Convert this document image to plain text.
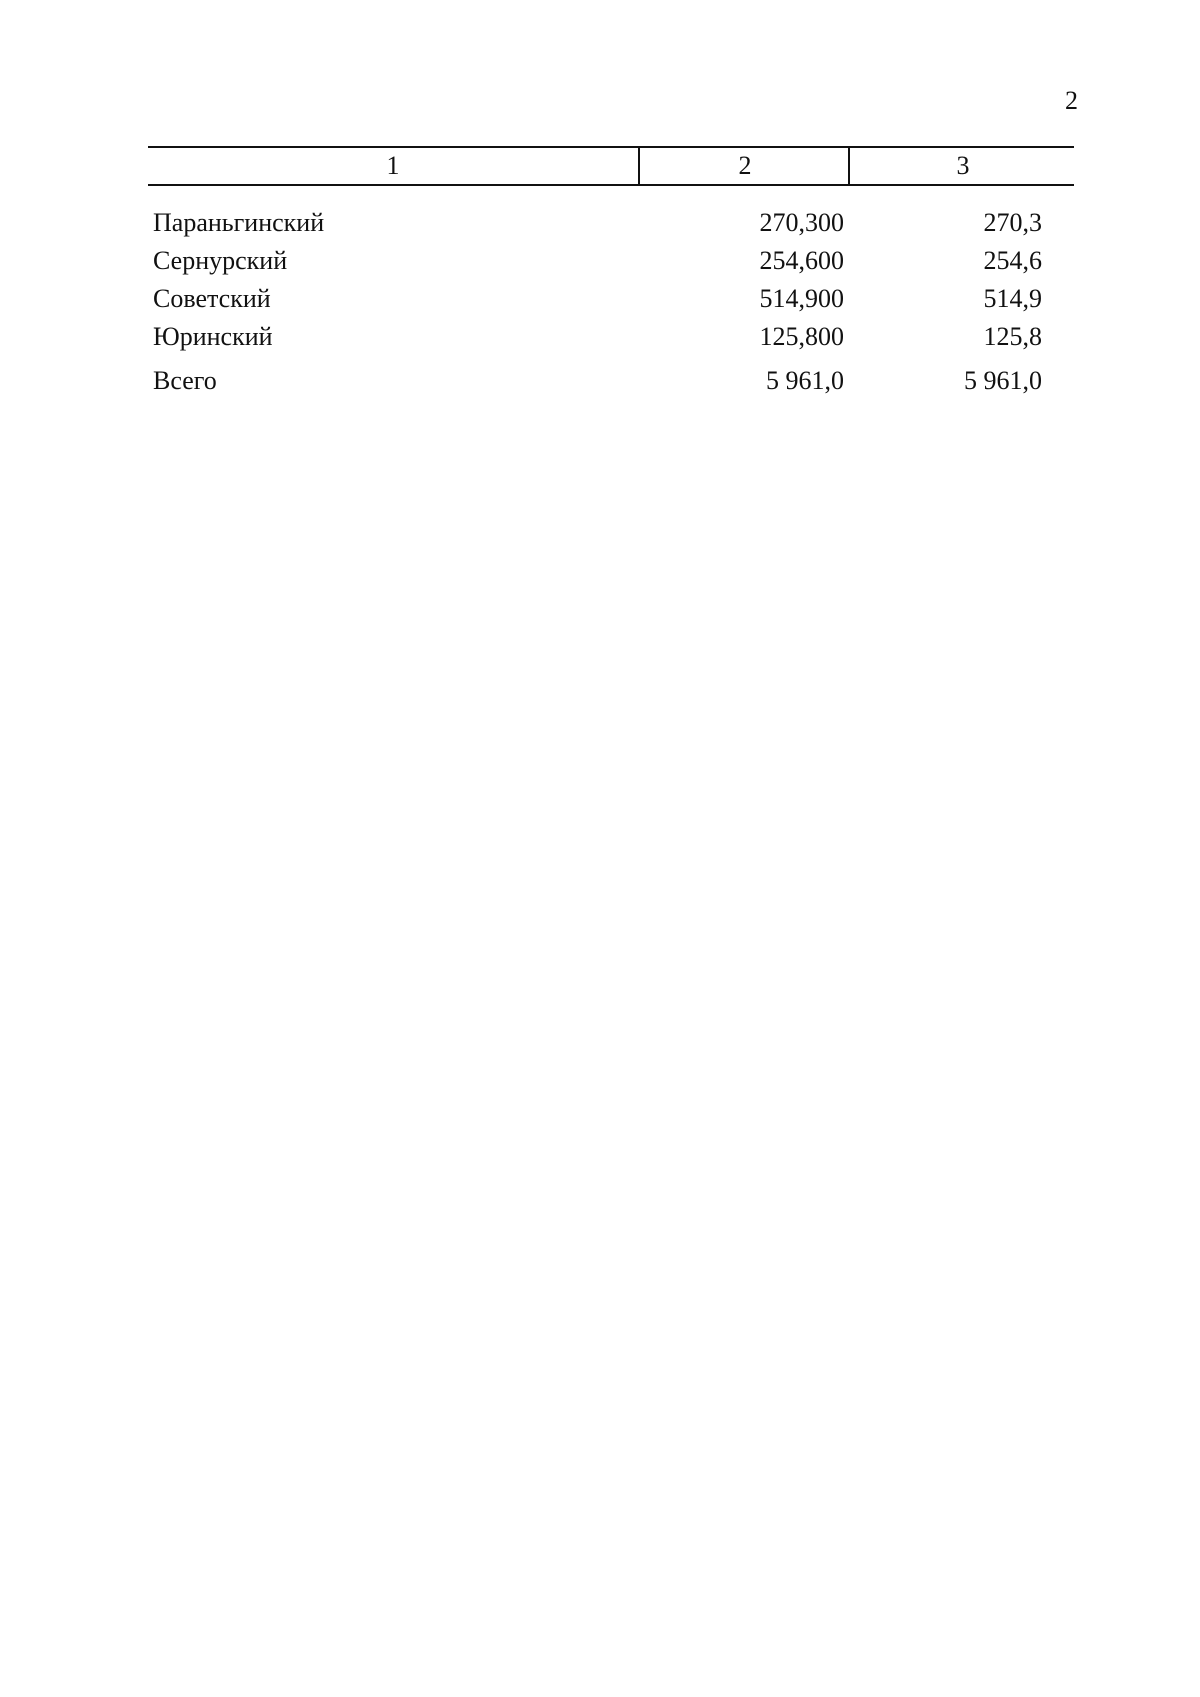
2
1	2	3
Параньгинский	270,300	270,3
Сернурский	254,600	254,6
Советский	514,900	514,9
Юринский	125,800	125,8
Всего	5 961,0	5 961,0
